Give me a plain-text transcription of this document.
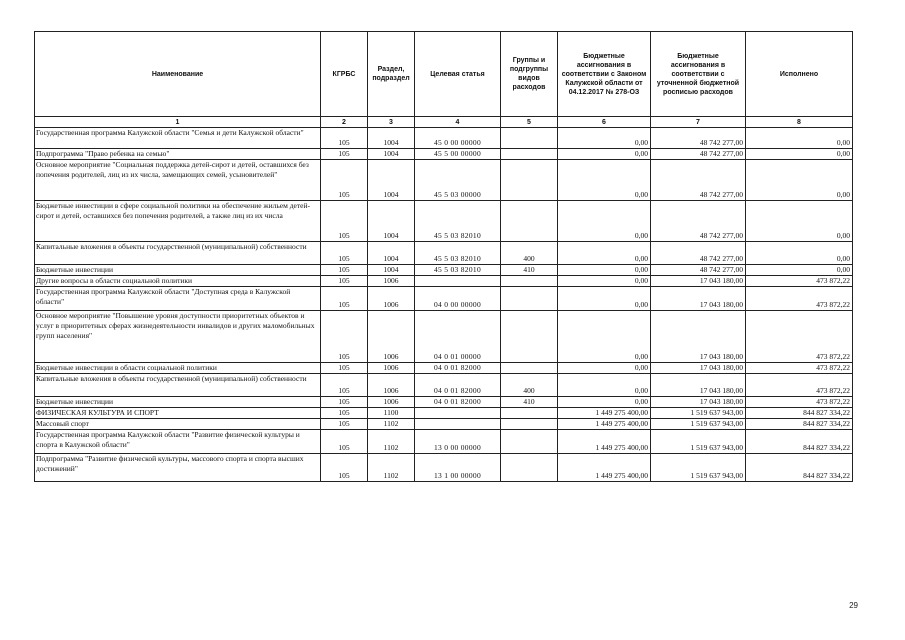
Наименование	КГРБС	Раздел, подраздел	Целевая статья	Группы и подгруппы видов расходов	Бюджетные ассигнования в соответствии с Законом Калужской области от 04.12.2017 № 278-ОЗ	Бюджетные ассигнования в соответствии с уточненной бюджетной росписью расходов	Исполнено
1	2	3	4	5	6	7	8
Государственная программа Калужской области "Семья и дети Калужской области"	105	1004	45 0 00 00000		0,00	48 742 277,00	0,00
Подпрограмма "Право ребенка на семью"	105	1004	45 5 00 00000		0,00	48 742 277,00	0,00
Основное мероприятие "Социальная поддержка детей-сирот и детей, оставшихся без попечения родителей, лиц из их числа, замещающих семей, усыновителей"	105	1004	45 5 03 00000		0,00	48 742 277,00	0,00
Бюджетные инвестиции в сфере социальной политики на обеспечение жильем детей-сирот и детей, оставшихся без попечения родителей, а также лиц из их числа	105	1004	45 5 03 82010		0,00	48 742 277,00	0,00
Капитальные вложения в объекты государственной (муниципальной) собственности	105	1004	45 5 03 82010	400	0,00	48 742 277,00	0,00
Бюджетные инвестиции	105	1004	45 5 03 82010	410	0,00	48 742 277,00	0,00
Другие вопросы в области социальной политики	105	1006			0,00	17 043 180,00	473 872,22
Государственная программа Калужской области "Доступная среда в Калужской области"	105	1006	04 0 00 00000		0,00	17 043 180,00	473 872,22
Основное мероприятие "Повышение уровня доступности приоритетных объектов и услуг в приоритетных сферах жизнедеятельности инвалидов и других маломобильных групп населения"	105	1006	04 0 01 00000		0,00	17 043 180,00	473 872,22
Бюджетные инвестиции в области социальной политики	105	1006	04 0 01 82000		0,00	17 043 180,00	473 872,22
Капитальные вложения в объекты государственной (муниципальной) собственности	105	1006	04 0 01 82000	400	0,00	17 043 180,00	473 872,22
Бюджетные инвестиции	105	1006	04 0 01 82000	410	0,00	17 043 180,00	473 872,22
ФИЗИЧЕСКАЯ КУЛЬТУРА И СПОРТ	105	1100			1 449 275 400,00	1 519 637 943,00	844 827 334,22
Массовый спорт	105	1102			1 449 275 400,00	1 519 637 943,00	844 827 334,22
Государственная программа Калужской области "Развитие физической культуры и спорта в Калужской области"	105	1102	13 0 00 00000		1 449 275 400,00	1 519 637 943,00	844 827 334,22
Подпрограмма "Развитие физической культуры, массового спорта и спорта высших достижений"	105	1102	13 1 00 00000		1 449 275 400,00	1 519 637 943,00	844 827 334,22
29
